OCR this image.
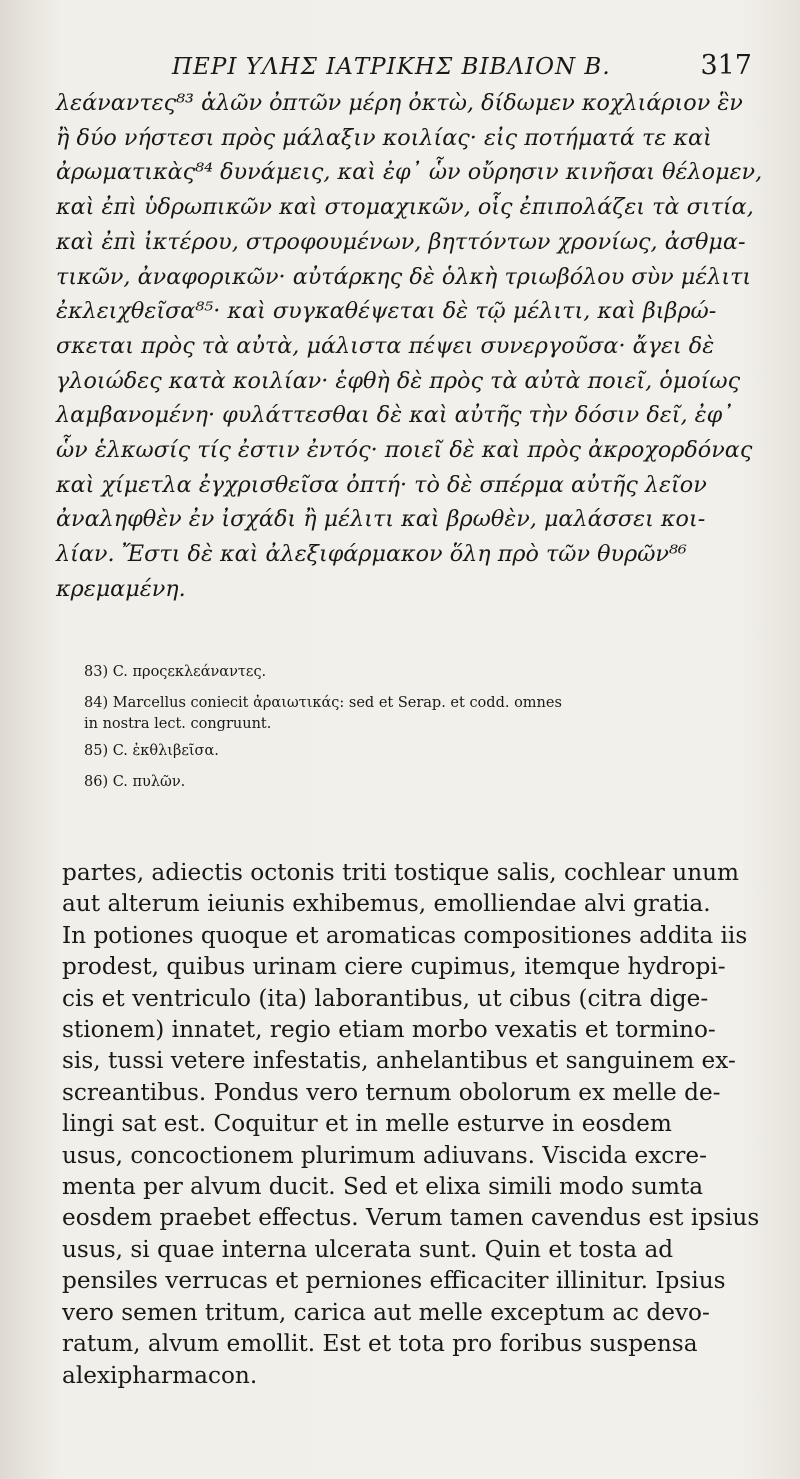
ΠΕΡΙ ΥΛΗΣ ΙΑΤΡΙΚΗΣ ΒΙΒΛΙΟΝ Β.	317
λεάναντες⁸³ ἁλῶν ὀπτῶν μέρη ὀκτὼ, δίδωμεν κοχλιάριον ἓν
ἢ δύο νήστεσι πρὸς μάλαξιν κοιλίας· εἰς ποτήματά τε καὶ
ἀρωματικὰς⁸⁴ δυνάμεις, καὶ ἐφ᾽ ὧν οὔρησιν κινῆσαι θέλομεν,
καὶ ἐπὶ ὑδρωπικῶν καὶ στομαχικῶν, οἷς ἐπιπολάζει τὰ σιτία,
καὶ ἐπὶ ἰκτέρου, στροφουμένων, βηττόντων χρονίως, ἀσθμα-
τικῶν, ἀναφορικῶν· αὐτάρκης δὲ ὁλκὴ τριωβόλου σὺν μέλιτι
ἐκλειχθεῖσα⁸⁵· καὶ συγκαθέψεται δὲ τῷ μέλιτι, καὶ βιβρώ-
σκεται πρὸς τὰ αὐτὰ, μάλιστα πέψει συνεργοῦσα· ἄγει δὲ
γλοιώδες κατὰ κοιλίαν· ἑφθὴ δὲ πρὸς τὰ αὐτὰ ποιεῖ, ὁμοίως
λαμβανομένη· φυλάττεσθαι δὲ καὶ αὐτῆς τὴν δόσιν δεῖ, ἐφ᾽
ὧν ἑλκωσίς τίς ἐστιν ἐντός· ποιεῖ δὲ καὶ πρὸς ἀκροχορδόνας
καὶ χίμετλα ἐγχρισθεῖσα ὀπτή· τὸ δὲ σπέρμα αὐτῆς λεῖον
ἀναληφθὲν ἐν ἰσχάδι ἢ μέλιτι καὶ βρωθὲν, μαλάσσει κοι-
λίαν. Ἔστι δὲ καὶ ἀλεξιφάρμακον ὅλη πρὸ τῶν θυρῶν⁸⁶
κρεμαμένη.
83) C. προςεκλεάναντες.
84) Marcellus coniecit ἀραιωτικάς: sed et Serap. et codd. omnes
in nostra lect. congruunt.
85) C. ἐκθλιβεῖσα.
86) C. πυλῶν.
partes, adiectis octonis triti tostique salis, cochlear unum
aut alterum ieiunis exhibemus, emolliendae alvi gratia.
In potiones quoque et aromaticas compositiones addita iis
prodest, quibus urinam ciere cupimus, itemque hydropi-
cis et ventriculo (ita) laborantibus, ut cibus (citra dige-
stionem) innatet, regio etiam morbo vexatis et tormino-
sis, tussi vetere infestatis, anhelantibus et sanguinem ex-
screantibus. Pondus vero ternum obolorum ex melle de-
lingi sat est. Coquitur et in melle esturve in eosdem
usus, concoctionem plurimum adiuvans. Viscida excre-
menta per alvum ducit. Sed et elixa simili modo sumta
eosdem praebet effectus. Verum tamen cavendus est ipsius
usus, si quae interna ulcerata sunt. Quin et tosta ad
pensiles verrucas et perniones efficaciter illinitur. Ipsius
vero semen tritum, carica aut melle exceptum ac devo-
ratum, alvum emollit. Est et tota pro foribus suspensa
alexipharmacon.
